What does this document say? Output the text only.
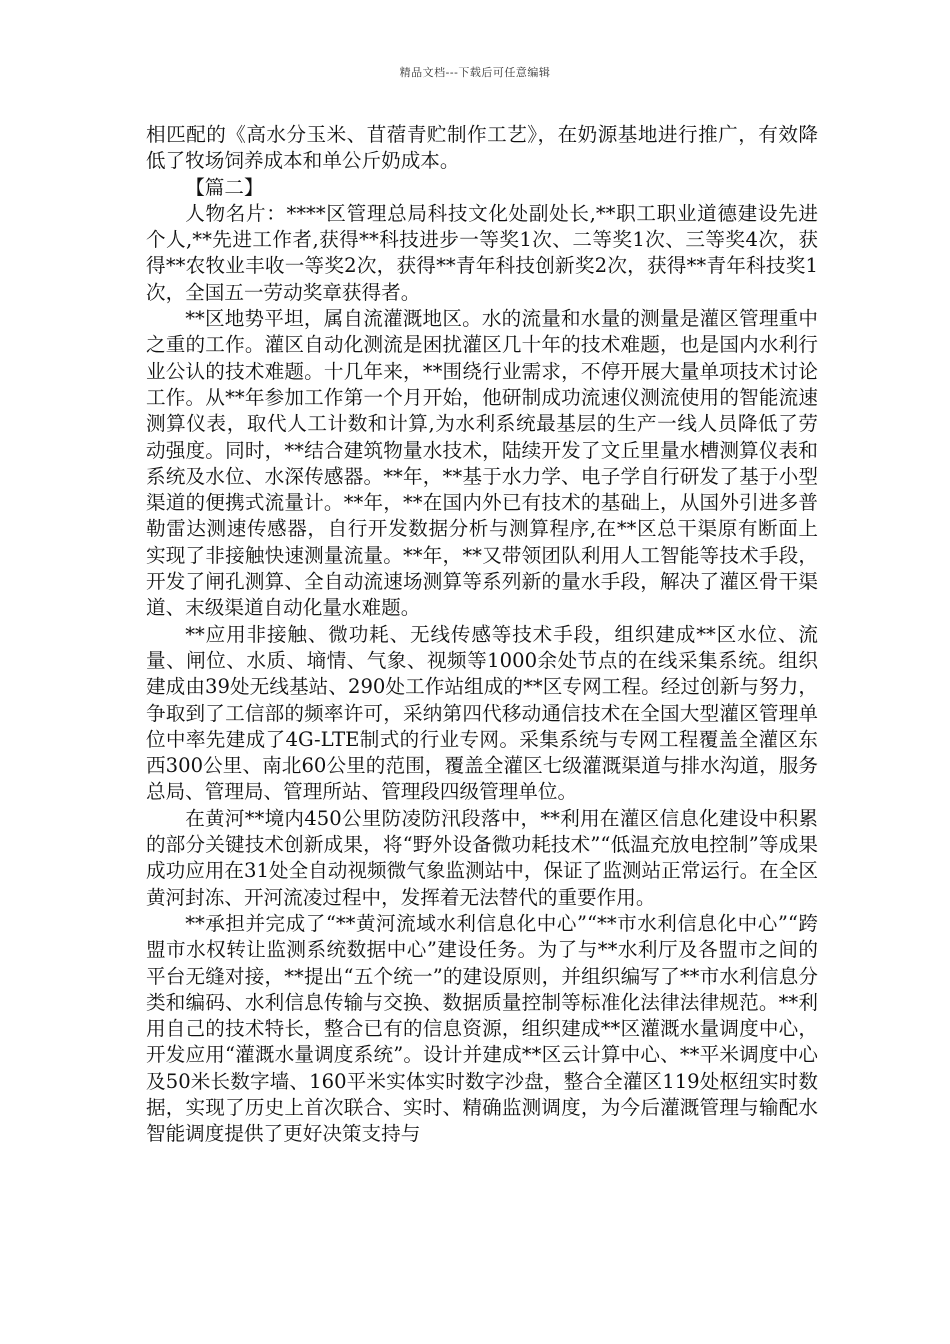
精品文档---下载后可任意编辑

相匹配的《高水分玉米、苜蓿青贮制作工艺》，在奶源基地进行推广，有效降低了牧场饲养成本和单公斤奶成本。

【篇二】

人物名片：****区管理总局科技文化处副处长,**职工职业道德建设先进个人,**先进工作者,获得**科技进步一等奖1次、二等奖1次、三等奖4次，获得**农牧业丰收一等奖2次，获得**青年科技创新奖2次，获得**青年科技奖1次，全国五一劳动奖章获得者。

**区地势平坦，属自流灌溉地区。水的流量和水量的测量是灌区管理重中之重的工作。灌区自动化测流是困扰灌区几十年的技术难题，也是国内水利行业公认的技术难题。十几年来，**围绕行业需求，不停开展大量单项技术讨论工作。从**年参加工作第一个月开始，他研制成功流速仪测流使用的智能流速测算仪表，取代人工计数和计算,为水利系统最基层的生产一线人员降低了劳动强度。同时，**结合建筑物量水技术，陆续开发了文丘里量水槽测算仪表和系统及水位、水深传感器。**年，**基于水力学、电子学自行研发了基于小型渠道的便携式流量计。**年，**在国内外已有技术的基础上，从国外引进多普勒雷达测速传感器，自行开发数据分析与测算程序,在**区总干渠原有断面上实现了非接触快速测量流量。**年，**又带领团队利用人工智能等技术手段，开发了闸孔测算、全自动流速场测算等系列新的量水手段，解决了灌区骨干渠道、末级渠道自动化量水难题。

**应用非接触、微功耗、无线传感等技术手段，组织建成**区水位、流量、闸位、水质、墒情、气象、视频等1000余处节点的在线采集系统。组织建成由39处无线基站、290处工作站组成的**区专网工程。经过创新与努力，争取到了工信部的频率许可，采纳第四代移动通信技术在全国大型灌区管理单位中率先建成了4G-LTE制式的行业专网。采集系统与专网工程覆盖全灌区东西300公里、南北60公里的范围，覆盖全灌区七级灌溉渠道与排水沟道，服务总局、管理局、管理所站、管理段四级管理单位。

在黄河**境内450公里防凌防汛段落中，**利用在灌区信息化建设中积累的部分关键技术创新成果，将“野外设备微功耗技术”“低温充放电控制”等成果成功应用在31处全自动视频微气象监测站中，保证了监测站正常运行。在全区黄河封冻、开河流凌过程中，发挥着无法替代的重要作用。

**承担并完成了“**黄河流域水利信息化中心”“**市水利信息化中心”“跨盟市水权转让监测系统数据中心”建设任务。为了与**水利厅及各盟市之间的平台无缝对接，**提出“五个统一”的建设原则，并组织编写了**市水利信息分类和编码、水利信息传输与交换、数据质量控制等标准化法律法律规范。**利用自己的技术特长，整合已有的信息资源，组织建成**区灌溉水量调度中心，开发应用“灌溉水量调度系统”。设计并建成**区云计算中心、**平米调度中心及50米长数字墙、160平米实体实时数字沙盘，整合全灌区119处枢纽实时数据，实现了历史上首次联合、实时、精确监测调度，为今后灌溉管理与输配水智能调度提供了更好决策支持与
